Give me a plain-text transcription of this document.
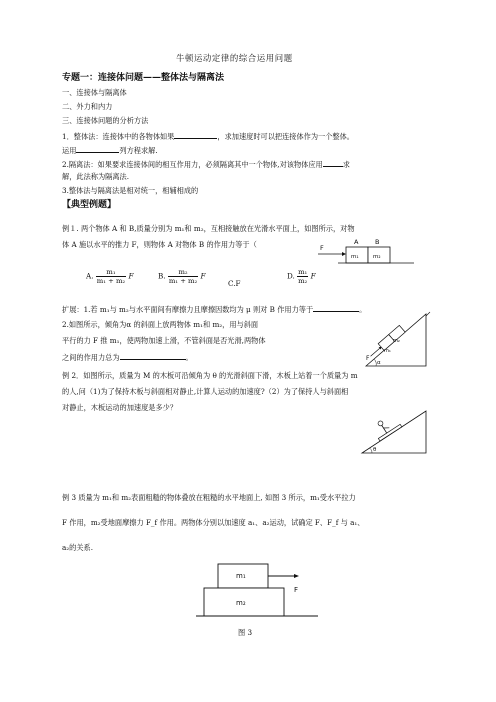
牛顿运动定律的综合运用问题
专题一：连接体问题——整体法与隔离法
一、连接体与隔离体
二、外力和内力
三、连接体问题的分析方法
1．整体法：连接体中的各物体如果	，求加速度时可以把连接体作为一个整体。
运用	列方程求解.
2.隔离法：如果要求连接体间的相互作用力，必须隔离其中一个物体,对该物体应用	求
解，此法称为隔离法.
3.整体法与隔离法是相对统一，相辅相成的
【典型例题】
例１. 两个物体 A 和 B,质量分别为 m₁和 m₂，互相接触放在光滑水平面上，如图所示，对物
体 A 施以水平的推力 F，则物体 A 对物体 B 的作用力等于（
A. $\frac{\text{m₁}}{\text{m₁ + m₂}}$ F	B. $\frac{\text{m₂}}{\text{m₁ + m₂}}$ F
C.F
D. $\frac{\text{m₁}}{\text{m₂}}$ F
F
A	B
m₁	m₂
扩展：1.若 m₁与 m₂与水平面间有摩擦力且摩擦因数均为 μ 则对 B 作用力等于	。
2.如图所示，倾角为α 的斜面上放两物体 m₁和 m₂，用与斜面
平行的力 F 推 m₁，使两物加速上滑，不管斜面是否光滑,两物体
之间的作用力总为	。
m₁
m₂
F
α
例 2．如图所示，质量为 M 的木板可沿倾角为 θ 的光滑斜面下滑，木板上站着一个质量为 m
的人,问（1)为了保持木板与斜面相对静止,计算人运动的加速度?（2）为了保持人与斜面相
对静止，木板运动的加速度是多少？
θ
例 3 质量为 m₁和 m₂表面粗糙的物体叠放在粗糙的水平地面上, 如图 3 所示，m₁受水平拉力
F 作用，m₂受地面摩擦力 F_f 作用。两物体分别以加速度 a₁、a₂运动，试确定 F、F_f 与 a₁、
a₂的关系.
m₁
m₂
F
图 3
